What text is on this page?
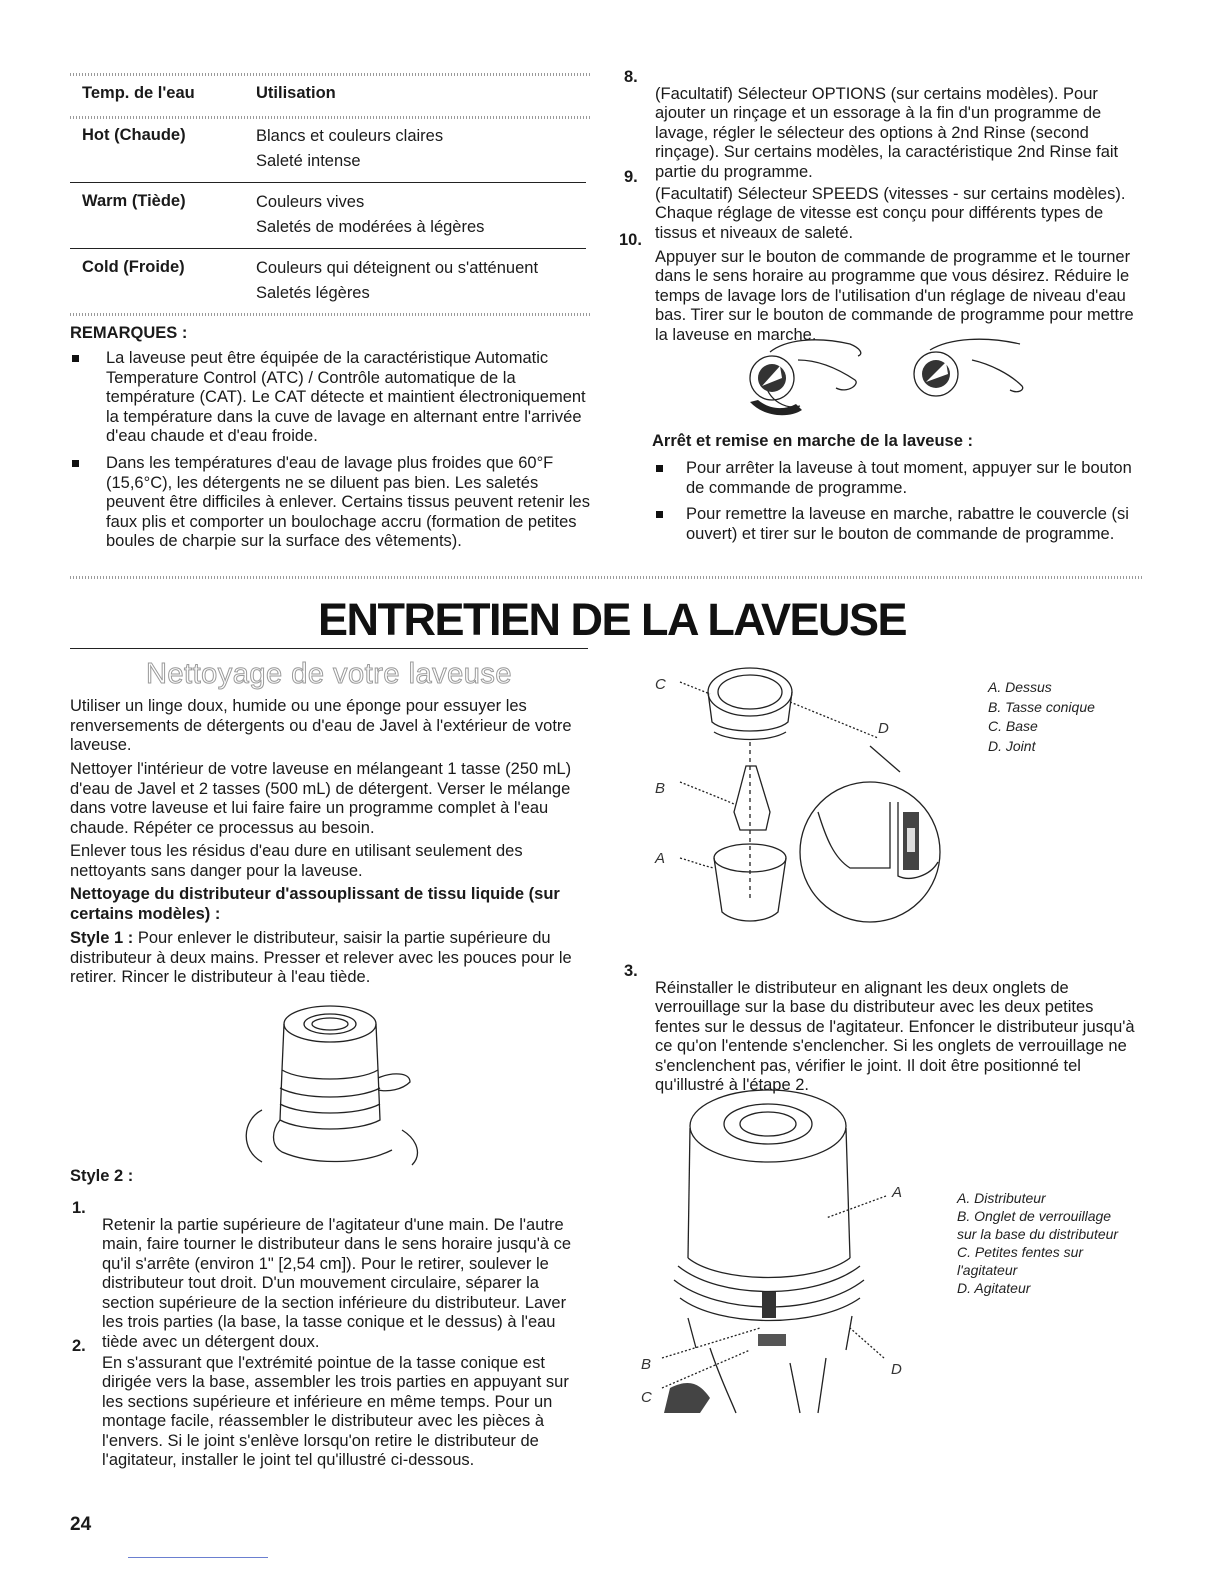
Temp. de l'eau	Utilisation
Hot (Chaude)	Blancs et couleurs claires
Saleté intense
Warm (Tiède)	Couleurs vives
Saletés de modérées à légères
Cold (Froide)	Couleurs qui déteignent ou s'atténuent
Saletés légères
REMARQUES :

La laveuse peut être équipée de la caractéristique Automatic Temperature Control (ATC) / Contrôle automatique de la température (CAT). Le CAT détecte et maintient électroniquement la température dans la cuve de lavage en alternant entre l'arrivée d'eau chaude et d'eau froide.

Dans les températures d'eau de lavage plus froides que 60°F (15,6°C), les détergents ne se diluent pas bien. Les saletés peuvent être difficiles à enlever. Certains tissus peuvent retenir les faux plis et comporter un boulochage accru (formation de petites boules de charpie sur la surface des vêtements).

8.

(Facultatif) Sélecteur OPTIONS (sur certains modèles). Pour ajouter un rinçage et un essorage à la fin d'un programme de lavage, régler le sélecteur des options à 2nd Rinse (second rinçage). Sur certains modèles, la caractéristique 2nd Rinse fait partie du programme.

9.

(Facultatif) Sélecteur SPEEDS (vitesses - sur certains modèles). Chaque réglage de vitesse est conçu pour différents types de tissus et niveaux de saleté.

10.

Appuyer sur le bouton de commande de programme et le tourner dans le sens horaire au programme que vous désirez. Réduire le temps de lavage lors de l'utilisation d'un réglage de niveau d'eau bas. Tirer sur le bouton de commande de programme pour mettre la laveuse en marche.

Arrêt et remise en marche de la laveuse :

Pour arrêter la laveuse à tout moment, appuyer sur le bouton de commande de programme.

Pour remettre la laveuse en marche, rabattre le couvercle (si ouvert) et tirer sur le bouton de commande de programme.

ENTRETIEN DE LA LAVEUSE
Nettoyage de votre laveuse

Utiliser un linge doux, humide ou une éponge pour essuyer les renversements de détergents ou d'eau de Javel à l'extérieur de votre laveuse.

Nettoyer l'intérieur de votre laveuse en mélangeant 1 tasse (250 mL) d'eau de Javel et 2 tasses (500 mL) de détergent. Verser le mélange dans votre laveuse et lui faire faire un programme complet à l'eau chaude. Répéter ce processus au besoin.

Enlever tous les résidus d'eau dure en utilisant seulement des nettoyants sans danger pour la laveuse.

Nettoyage du distributeur d'assouplissant de tissu liquide (sur certains modèles) :

Style 1 : Pour enlever le distributeur, saisir la partie supérieure du distributeur à deux mains. Presser et relever avec les pouces pour le retirer. Rincer le distributeur à l'eau tiède.

Style 2 :
1.

Retenir la partie supérieure de l'agitateur d'une main. De l'autre main, faire tourner le distributeur dans le sens horaire jusqu'à ce qu'il s'arrête (environ 1" [2,54 cm]). Pour le retirer, soulever le distributeur tout droit. D'un mouvement circulaire, séparer la section supérieure de la section inférieure du distributeur. Laver les trois parties (la base, la tasse conique et le dessus) à l'eau tiède avec un détergent doux.

2.

En s'assurant que l'extrémité pointue de la tasse conique est dirigée vers la base, assembler les trois parties en appuyant sur les sections supérieure et inférieure en même temps. Pour un montage facile, réassembler le distributeur avec les pièces à l'envers. Si le joint s'enlève lorsqu'on retire le distributeur de l'agitateur, installer le joint tel qu'illustré ci-dessous.

C
D
B
A
A. Dessus
B. Tasse conique
C. Base
D. Joint
3.

Réinstaller le distributeur en alignant les deux onglets de verrouillage sur la base du distributeur avec les deux petites fentes sur le dessus de l'agitateur. Enfoncer le distributeur jusqu'à ce qu'on l'entende s'enclencher. Si les onglets de verrouillage ne s'enclenchent pas, vérifier le joint. Il doit être positionné tel qu'illustré à l'étape 2.

A
B
C
D
A. Distributeur
B. Onglet de verrouillage sur la base du distributeur
C. Petites fentes sur l'agitateur
D. Agitateur
24
